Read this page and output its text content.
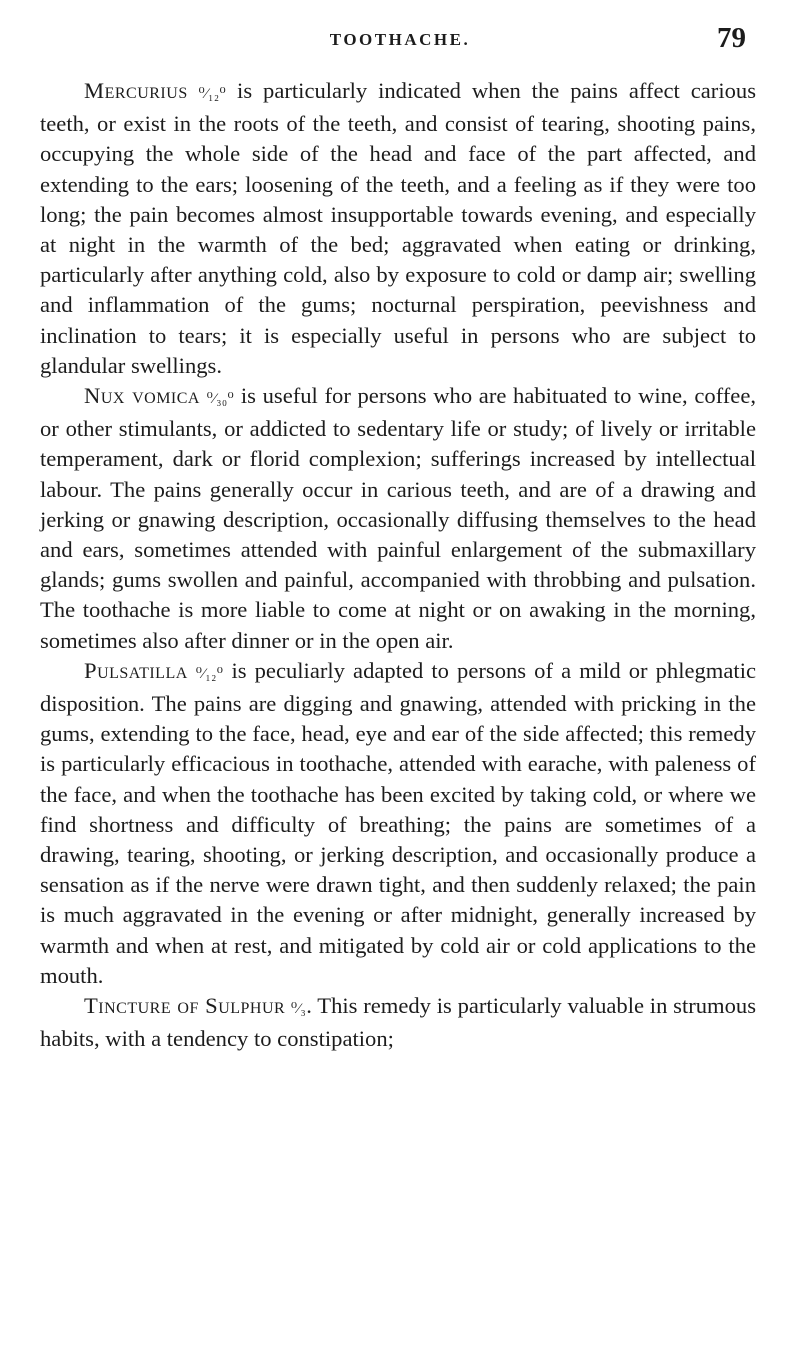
TOOTHACHE.	79

Mercurius ⁰⁄₁₂⁰ is particularly indicated when the pains affect carious teeth, or exist in the roots of the teeth, and consist of tearing, shooting pains, occupying the whole side of the head and face of the part affected, and extending to the ears; loosening of the teeth, and a feeling as if they were too long; the pain becomes almost insupportable towards evening, and especially at night in the warmth of the bed; aggravated when eating or drinking, particularly after anything cold, also by exposure to cold or damp air; swelling and inflammation of the gums; nocturnal perspiration, peevishness and inclination to tears; it is especially useful in persons who are subject to glandular swellings.

Nux vomica ⁰⁄₃₀⁰ is useful for persons who are habituated to wine, coffee, or other stimulants, or addicted to sedentary life or study; of lively or irritable temperament, dark or florid complexion; sufferings increased by intellectual labour. The pains generally occur in carious teeth, and are of a drawing and jerking or gnawing description, occasionally diffusing themselves to the head and ears, sometimes attended with painful enlargement of the submaxillary glands; gums swollen and painful, accompanied with throbbing and pulsation. The toothache is more liable to come at night or on awaking in the morning, sometimes also after dinner or in the open air.

Pulsatilla ⁰⁄₁₂⁰ is peculiarly adapted to persons of a mild or phlegmatic disposition. The pains are digging and gnawing, attended with pricking in the gums, extending to the face, head, eye and ear of the side affected; this remedy is particularly efficacious in toothache, attended with earache, with paleness of the face, and when the toothache has been excited by taking cold, or where we find shortness and difficulty of breathing; the pains are sometimes of a drawing, tearing, shooting, or jerking description, and occasionally produce a sensation as if the nerve were drawn tight, and then suddenly relaxed; the pain is much aggravated in the evening or after midnight, generally increased by warmth and when at rest, and mitigated by cold air or cold applications to the mouth.

Tincture of Sulphur ⁰⁄₃. This remedy is particularly valuable in strumous habits, with a tendency to constipation;
